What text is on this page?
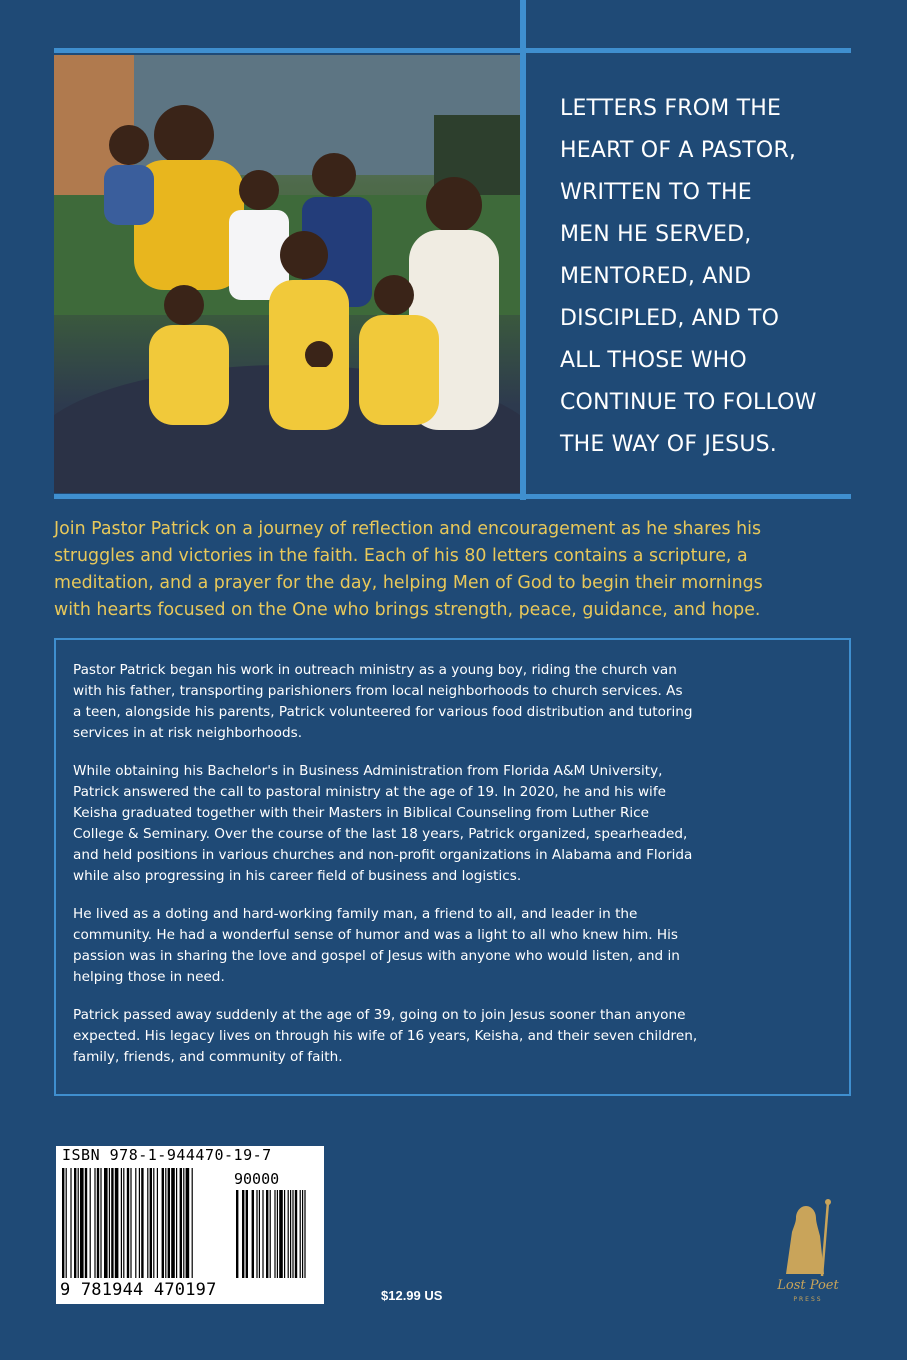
LETTERS FROM THE
HEART OF A PASTOR,
WRITTEN TO THE
MEN HE SERVED,
MENTORED, AND
DISCIPLED, AND TO
ALL THOSE WHO
CONTINUE TO FOLLOW
THE WAY OF JESUS.
Join Pastor Patrick on a journey of reflection and encouragement as he shares his
struggles and victories in the faith. Each of his 80 letters contains a scripture, a
meditation, and a prayer for the day, helping Men of God to begin their mornings
with hearts focused on the One who brings strength, peace, guidance, and hope.

Pastor Patrick began his work in outreach ministry as a young boy, riding the church van
with his father, transporting parishioners from local neighborhoods to church services. As
a teen, alongside his parents, Patrick volunteered for various food distribution and tutoring
services in at risk neighborhoods.

While obtaining his Bachelor's in Business Administration from Florida A&M University,
Patrick answered the call to pastoral ministry at the age of 19. In 2020, he and his wife
Keisha graduated together with their Masters in Biblical Counseling from Luther Rice
College & Seminary. Over the course of the last 18 years, Patrick organized, spearheaded,
and held positions in various churches and non-profit organizations in Alabama and Florida
while also progressing in his career field of business and logistics.

He lived as a doting and hard-working family man, a friend to all, and leader in the
community. He had a wonderful sense of humor and was a light to all who knew him. His
passion was in sharing the love and gospel of Jesus with anyone who would listen, and in
helping those in need.

Patrick passed away suddenly at the age of 39, going on to join Jesus sooner than anyone
expected. His legacy lives on through his wife of 16 years, Keisha, and their seven children,
family, friends, and community of faith.

ISBN 978-1-944470-19-7
90000
9 781944 470197	$12.99 US
Lost Poet
PRESS
